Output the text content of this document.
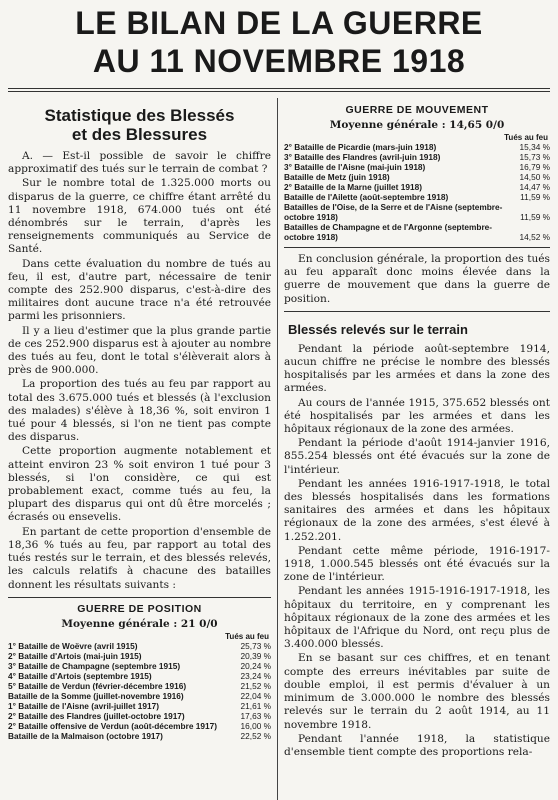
LE BILAN DE LA GUERRE
AU 11 NOVEMBRE 1918
Statistique des Blessés
et des Blessures

A. — Est-il possible de savoir le chiffre approximatif des tués sur le terrain de combat ?

Sur le nombre total de 1.325.000 morts ou disparus de la guerre, ce chiffre étant arrêté du 11 novembre 1918, 674.000 tués ont été dénombrés sur le terrain, d'après les renseignements communiqués au Service de Santé.

Dans cette évaluation du nombre de tués au feu, il est, d'autre part, nécessaire de tenir compte des 252.900 disparus, c'est-à-dire des militaires dont aucune trace n'a été retrouvée parmi les prisonniers.

Il y a lieu d'estimer que la plus grande partie de ces 252.900 disparus est à ajouter au nombre des tués au feu, dont le total s'élèverait alors à près de 900.000.

La proportion des tués au feu par rapport au total des 3.675.000 tués et blessés (à l'exclusion des malades) s'élève à 18,36 %, soit environ 1 tué pour 4 blessés, si l'on ne tient pas compte des disparus.

Cette proportion augmente notablement et atteint environ 23 % soit environ 1 tué pour 3 blessés, si l'on considère, ce qui est probablement exact, comme tués au feu, la plupart des disparus qui ont dû être morcelés ; écrasés ou ensevelis.

En partant de cette proportion d'ensemble de 18,36 % tués au feu, par rapport au total des tués restés sur le terrain, et des blessés relevés, les calculs relatifs à chacune des batailles donnent les résultats suivants :

GUERRE DE POSITION
Moyenne générale : 21 0/0
Tués au feu
1° Bataille de Woëvre (avril 1915)	25,73 %
2° Bataille d'Artois (mai-juin 1915)	20,39 %
3° Bataille de Champagne (septembre 1915)	20,24 %
4° Bataille d'Artois (septembre 1915)	23,24 %
5° Bataille de Verdun (février-décembre 1916)	21,52 %
Bataille de la Somme (juillet-novembre 1916)	22,04 %
1° Bataille de l'Aisne (avril-juillet 1917)	21,61 %
2° Bataille des Flandres (juillet-octobre 1917)	17,63 %
2° Bataille offensive de Verdun (août-décembre 1917)	16,00 %
Bataille de la Malmaison (octobre 1917)	22,52 %
GUERRE DE MOUVEMENT
Moyenne générale : 14,65 0/0
Tués au feu
2° Bataille de Picardie (mars-juin 1918)	15,34 %
3° Bataille des Flandres (avril-juin 1918)	15,73 %
3° Bataille de l'Aisne (mai-juin 1918)	16,79 %
Bataille de Metz (juin 1918)	14,50 %
2° Bataille de la Marne (juillet 1918)	14,47 %
Bataille de l'Ailette (août-septembre 1918)	11,59 %
Batailles de l'Oise, de la Serre et de l'Aisne (septembre-octobre 1918)	11,59 %
Batailles de Champagne et de l'Argonne (septembre-octobre 1918)	14,52 %

En conclusion générale, la proportion des tués au feu apparaît donc moins élevée dans la guerre de mouvement que dans la guerre de position.

Blessés relevés sur le terrain

Pendant la période août-septembre 1914, aucun chiffre ne précise le nombre des blessés hospitalisés par les armées et dans la zone des armées.

Au cours de l'année 1915, 375.652 blessés ont été hospitalisés par les armées et dans les hôpitaux régionaux de la zone des armées.

Pendant la période d'août 1914-janvier 1916, 855.254 blessés ont été évacués sur la zone de l'intérieur.

Pendant les années 1916-1917-1918, le total des blessés hospitalisés dans les formations sanitaires des armées et dans les hôpitaux régionaux de la zone des armées, s'est élevé à 1.252.201.

Pendant cette même période, 1916-1917-1918, 1.000.545 blessés ont été évacués sur la zone de l'intérieur.

Pendant les années 1915-1916-1917-1918, les hôpitaux du territoire, en y comprenant les hôpitaux régionaux de la zone des armées et les hôpitaux de l'Afrique du Nord, ont reçu plus de 3.400.000 blessés.

En se basant sur ces chiffres, et en tenant compte des erreurs inévitables par suite de double emploi, il est permis d'évaluer à un minimum de 3.000.000 le nombre des blessés relevés sur le terrain du 2 août 1914, au 11 novembre 1918.

Pendant l'année 1918, la statistique d'ensemble tient compte des proportions rela-
